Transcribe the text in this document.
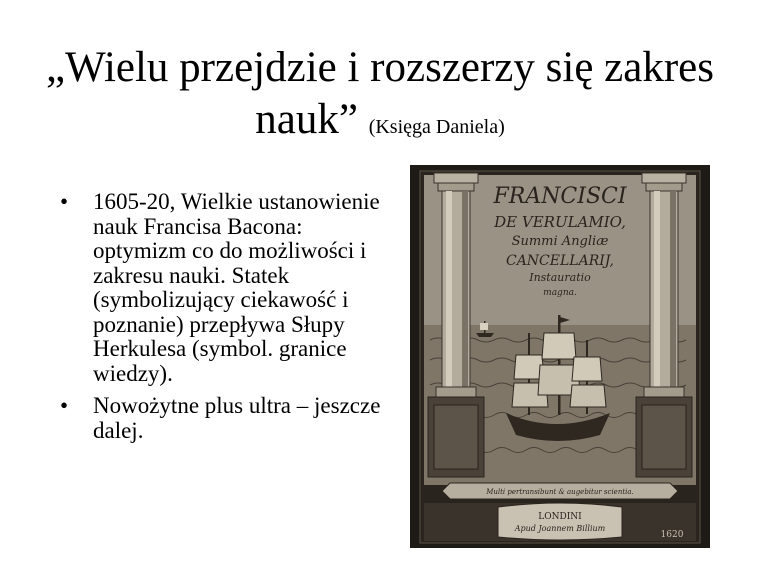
„Wielu przejdzie i rozszerzy się zakres nauk” (Księga Daniela)
•	1605-20, Wielkie ustanowienie nauk Francisa Bacona: optymizm co do możliwości i zakresu nauki. Statek (symbolizujący ciekawość i poznanie) przepływa Słupy Herkulesa (symbol. granice wiedzy).
•	Nowożytne plus ultra – jeszcze dalej.
FRANCISCI
DE VERULAMIO,
Summi Angliæ
CANCELLARIJ,
Instauratio
magna.
Multi pertransibunt & augebitur scientia.
LONDINI
Apud Joannem Billium
1620
